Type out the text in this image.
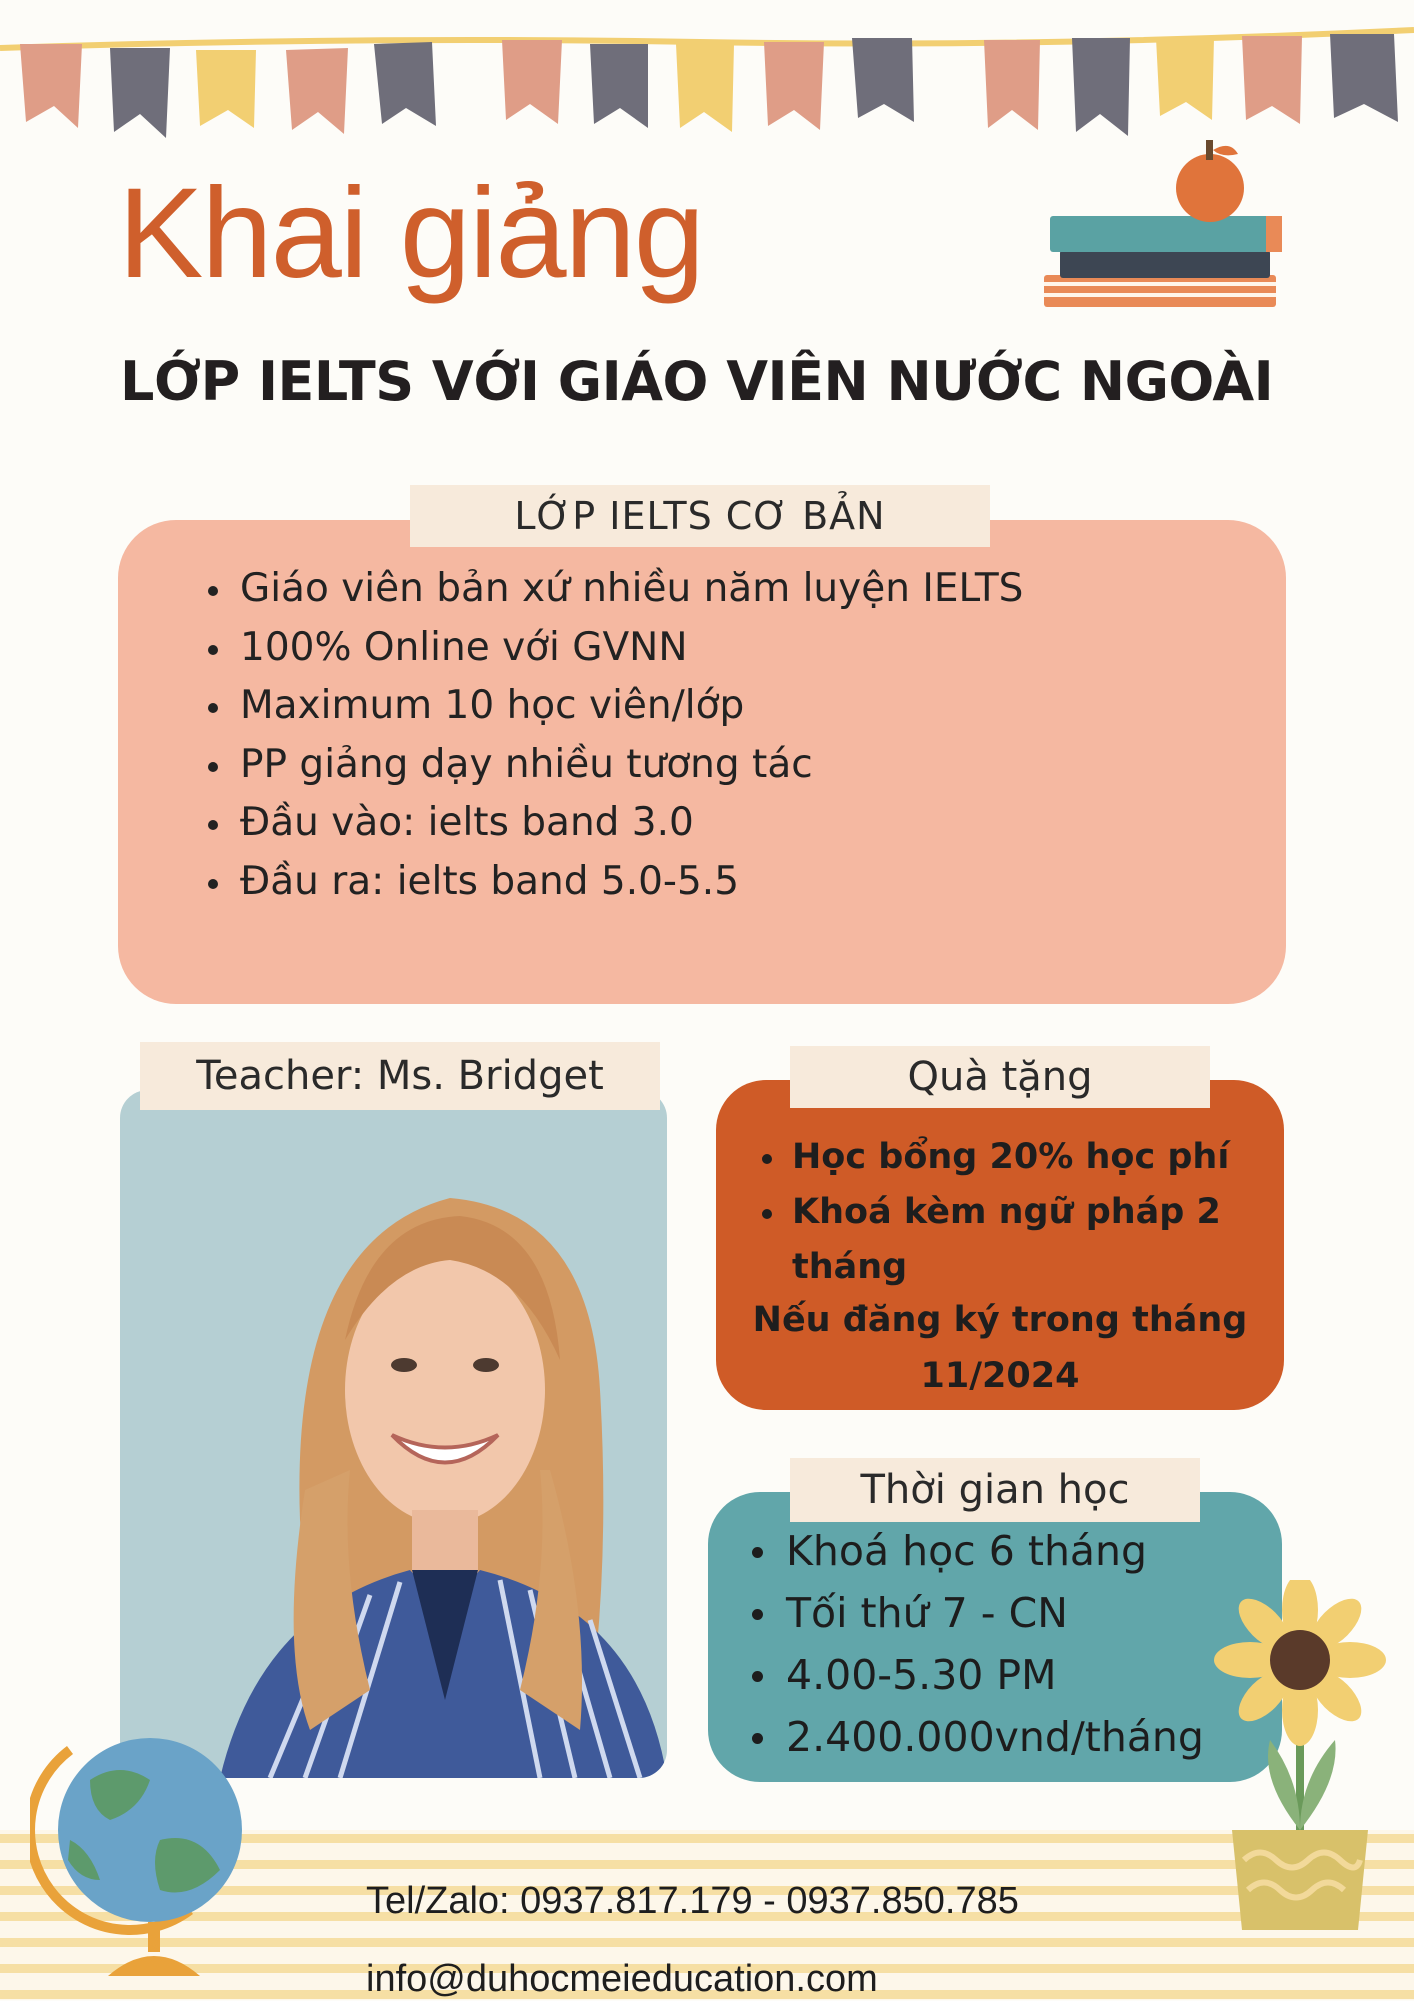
Khai giảng
LỚP IELTS VỚI GIÁO VIÊN NƯỚC NGOÀI
Giáo viên bản xứ nhiều năm luyện IELTS
100% Online với GVNN
Maximum 10 học viên/lớp
PP giảng dạy nhiều tương tác
Đầu vào: ielts band 3.0
Đầu ra: ielts band 5.0-5.5
LỚP IELTS CƠ BẢN
Teacher: Ms. Bridget
Học bổng 20% học phí
Khoá kèm ngữ pháp 2 tháng
Nếu đăng ký trong tháng 11/2024
Quà tặng
Khoá học 6 tháng
Tối thứ 7 - CN
4.00-5.30 PM
2.400.000vnd/tháng
Thời gian học
Tel/Zalo: 0937.817.179 - 0937.850.785
info@duhocmeieducation.com
